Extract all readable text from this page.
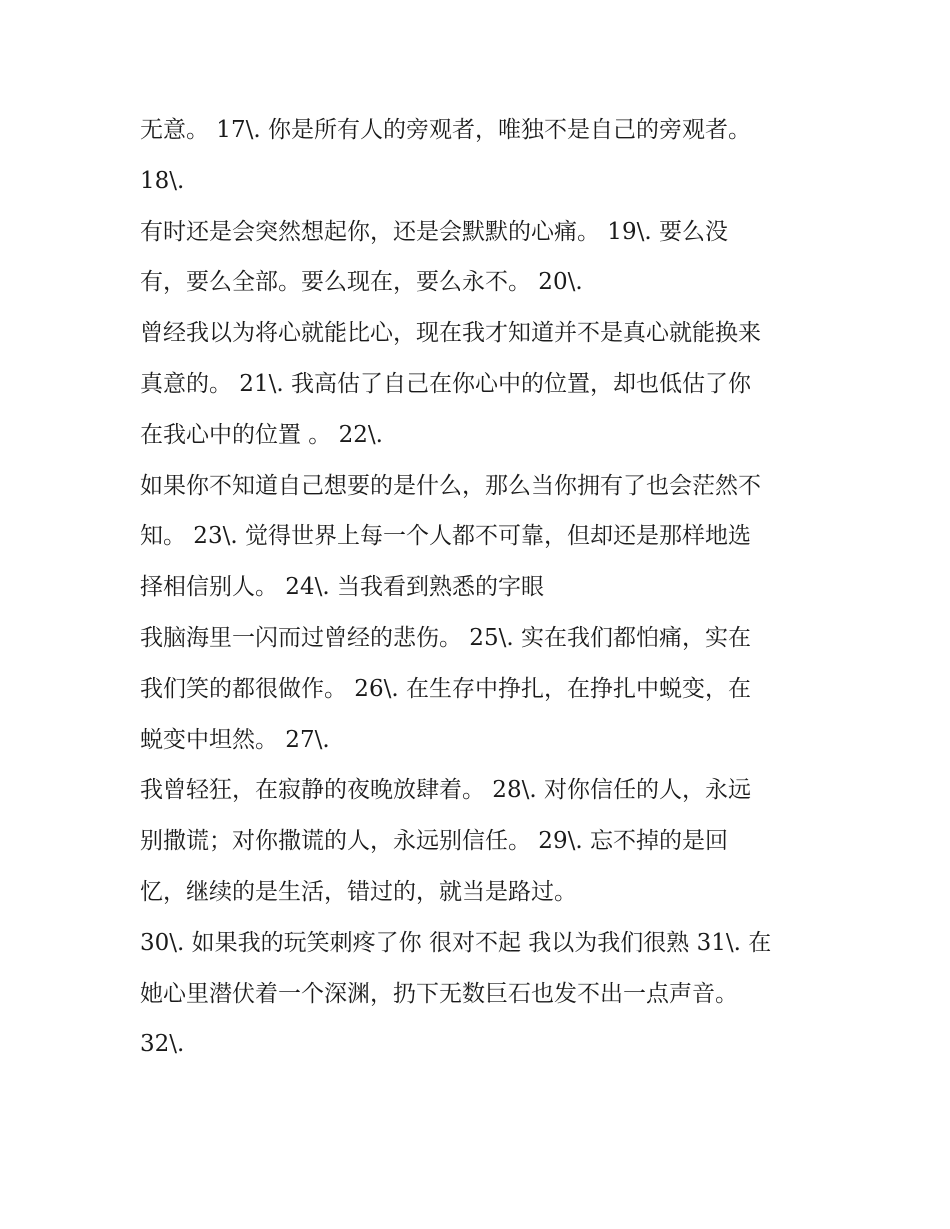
无意。 17\. 你是所有人的旁观者，唯独不是自己的旁观者。
18\.
有时还是会突然想起你，还是会默默的心痛。 19\. 要么没
有，要么全部。要么现在，要么永不。 20\.
曾经我以为将心就能比心，现在我才知道并不是真心就能换来
真意的。 21\. 我高估了自己在你心中的位置，却也低估了你
在我心中的位置 。 22\.
如果你不知道自己想要的是什么，那么当你拥有了也会茫然不
知。 23\. 觉得世界上每一个人都不可靠，但却还是那样地选
择相信别人。 24\. 当我看到熟悉的字眼
我脑海里一闪而过曾经的悲伤。 25\. 实在我们都怕痛，实在
我们笑的都很做作。 26\. 在生存中挣扎，在挣扎中蜕变，在
蜕变中坦然。 27\.
我曾轻狂，在寂静的夜晚放肆着。 28\. 对你信任的人，永远
别撒谎；对你撒谎的人，永远别信任。 29\. 忘不掉的是回
忆，继续的是生活，错过的，就当是路过。
30\. 如果我的玩笑刺疼了你 很对不起 我以为我们很熟 31\. 在
她心里潜伏着一个深渊，扔下无数巨石也发不出一点声音。
32\.
